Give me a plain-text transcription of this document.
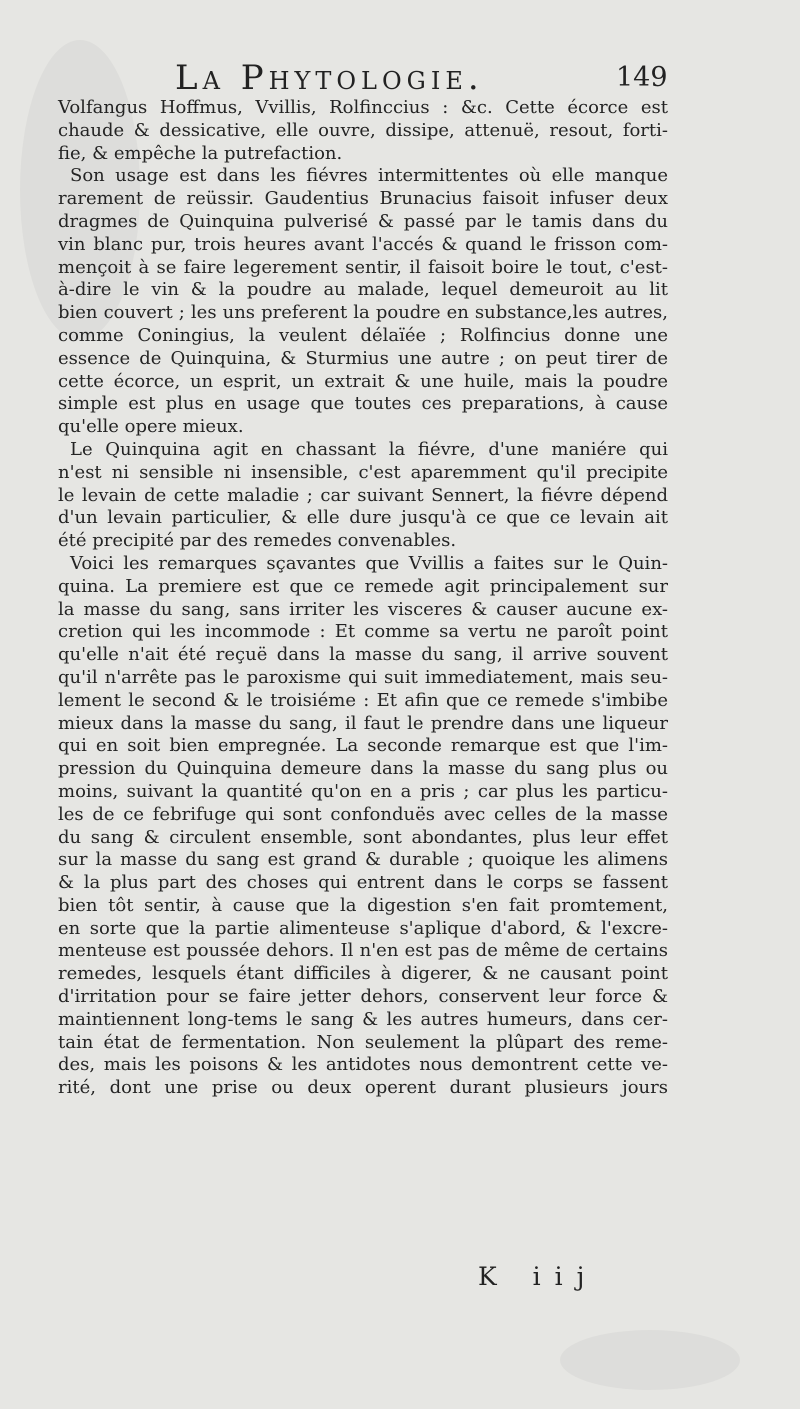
La Phytologie.	149
Volfangus Hoffmus, Vvillis, Rolfinccius : &c. Cette écorce est
chaude & dessicative, elle ouvre, dissipe, attenuë, resout, forti-
fie, & empêche la putrefaction.
Son usage est dans les fiévres intermittentes où elle manque
rarement de reüssir. Gaudentius Brunacius faisoit infuser deux
dragmes de Quinquina pulverisé & passé par le tamis dans du
vin blanc pur, trois heures avant l'accés & quand le frisson com-
mençoit à se faire legerement sentir, il faisoit boire le tout, c'est-
à-dire le vin & la poudre au malade, lequel demeuroit au lit
bien couvert ; les uns preferent la poudre en substance,les autres,
comme Coningius, la veulent délaïée ; Rolfincius donne une
essence de Quinquina, & Sturmius une autre ; on peut tirer de
cette écorce, un esprit, un extrait & une huile, mais la poudre
simple est plus en usage que toutes ces preparations, à cause
qu'elle opere mieux.
Le Quinquina agit en chassant la fiévre, d'une maniére qui
n'est ni sensible ni insensible, c'est aparemment qu'il precipite
le levain de cette maladie ; car suivant Sennert, la fiévre dépend
d'un levain particulier, & elle dure jusqu'à ce que ce levain ait
été precipité par des remedes convenables.
Voici les remarques sçavantes que Vvillis a faites sur le Quin-
quina. La premiere est que ce remede agit principalement sur
la masse du sang, sans irriter les visceres & causer aucune ex-
cretion qui les incommode : Et comme sa vertu ne paroît point
qu'elle n'ait été reçuë dans la masse du sang, il arrive souvent
qu'il n'arrête pas le paroxisme qui suit immediatement, mais seu-
lement le second & le troisiéme : Et afin que ce remede s'imbibe
mieux dans la masse du sang, il faut le prendre dans une liqueur
qui en soit bien empregnée. La seconde remarque est que l'im-
pression du Quinquina demeure dans la masse du sang plus ou
moins, suivant la quantité qu'on en a pris ; car plus les particu-
les de ce febrifuge qui sont confonduës avec celles de la masse
du sang & circulent ensemble, sont abondantes, plus leur effet
sur la masse du sang est grand & durable ; quoique les alimens
& la plus part des choses qui entrent dans le corps se fassent
bien tôt sentir, à cause que la digestion s'en fait promtement,
en sorte que la partie alimenteuse s'aplique d'abord, & l'excre-
menteuse est poussée dehors. Il n'en est pas de même de certains
remedes, lesquels étant difficiles à digerer, & ne causant point
d'irritation pour se faire jetter dehors, conservent leur force &
maintiennent long-tems le sang & les autres humeurs, dans cer-
tain état de fermentation. Non seulement la plûpart des reme-
des, mais les poisons & les antidotes nous demontrent cette ve-
rité, dont une prise ou deux operent durant plusieurs jours
K iij
